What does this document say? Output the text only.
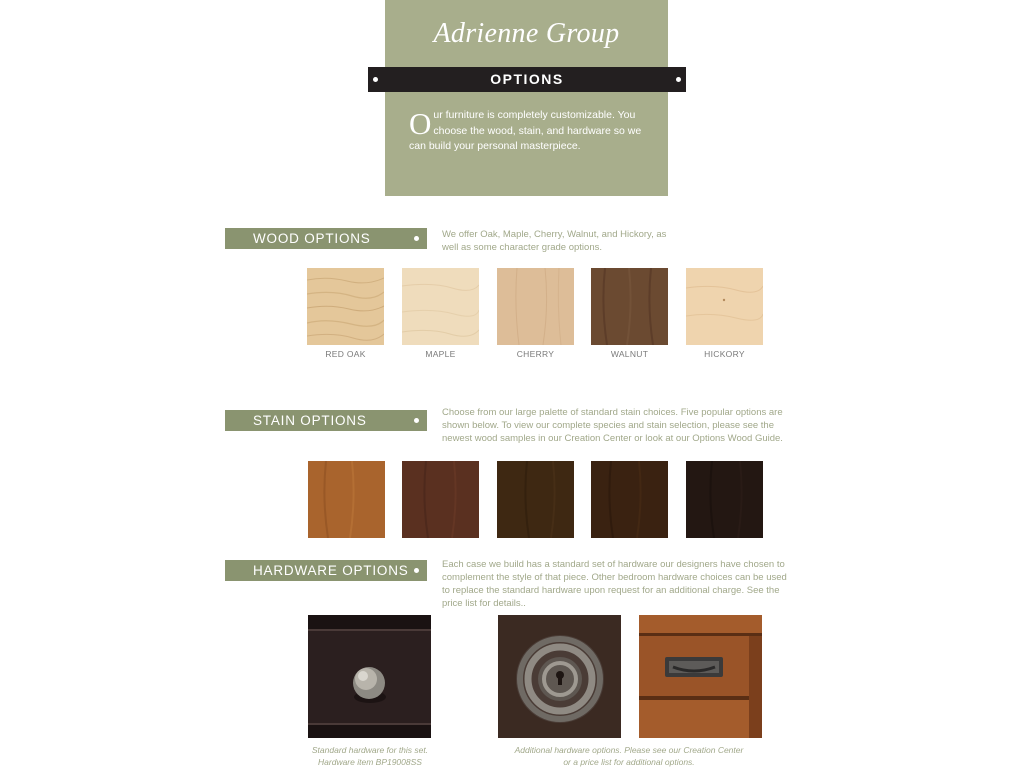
Adrienne Group
OPTIONS
Our furniture is completely customizable. You choose the wood, stain, and hardware so we can build your personal masterpiece.
WOOD OPTIONS	We offer Oak, Maple, Cherry, Walnut, and Hickory, as well as some character grade options.
RED OAK	MAPLE	CHERRY	WALNUT	HICKORY
STAIN OPTIONS
Choose from our large palette of standard stain choices. Five popular options are shown below. To view our complete species and stain selection, please see the newest wood samples in our Creation Center or look at our Options Wood Guide.
HARDWARE OPTIONS	Each case we build has a standard set of hardware our designers have chosen to complement the style of that piece. Other bedroom hardware choices can be used to replace the standard hardware upon request for an additional charge. See the price list for details..
Standard hardware for this set.
Hardware item BP19008SS
Additional hardware options. Please see our Creation Center
or a price list for additional options.
